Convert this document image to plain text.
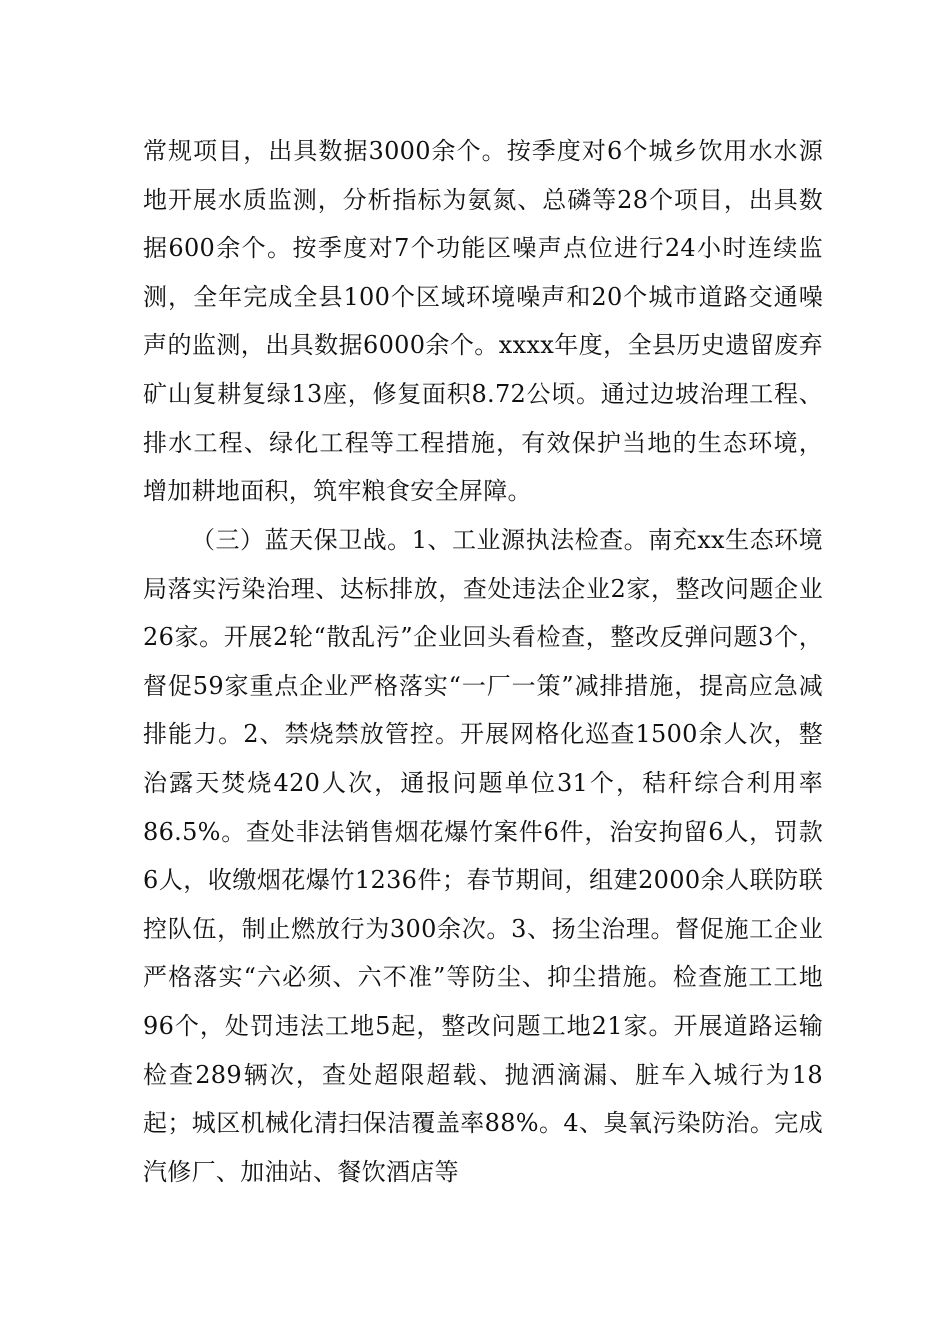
常规项目，出具数据3000余个。按季度对6个城乡饮用水水源地开展水质监测，分析指标为氨氮、总磷等28个项目，出具数据600余个。按季度对7个功能区噪声点位进行24小时连续监测，全年完成全县100个区域环境噪声和20个城市道路交通噪声的监测，出具数据6000余个。xxxx年度，全县历史遗留废弃矿山复耕复绿13座，修复面积8.72公顷。通过边坡治理工程、排水工程、绿化工程等工程措施，有效保护当地的生态环境，增加耕地面积，筑牢粮食安全屏障。

（三）蓝天保卫战。1、工业源执法检查。南充xx生态环境局落实污染治理、达标排放，查处违法企业2家，整改问题企业26家。开展2轮“散乱污”企业回头看检查，整改反弹问题3个，督促59家重点企业严格落实“一厂一策”减排措施，提高应急减排能力。2、禁烧禁放管控。开展网格化巡查1500余人次，整治露天焚烧420人次，通报问题单位31个，秸秆综合利用率86.5%。查处非法销售烟花爆竹案件6件，治安拘留6人，罚款6人，收缴烟花爆竹1236件；春节期间，组建2000余人联防联控队伍，制止燃放行为300余次。3、扬尘治理。督促施工企业严格落实“六必须、六不准”等防尘、抑尘措施。检查施工工地96个，处罚违法工地5起，整改问题工地21家。开展道路运输检查289辆次，查处超限超载、抛洒滴漏、脏车入城行为18起；城区机械化清扫保洁覆盖率88%。4、臭氧污染防治。完成汽修厂、加油站、餐饮酒店等
